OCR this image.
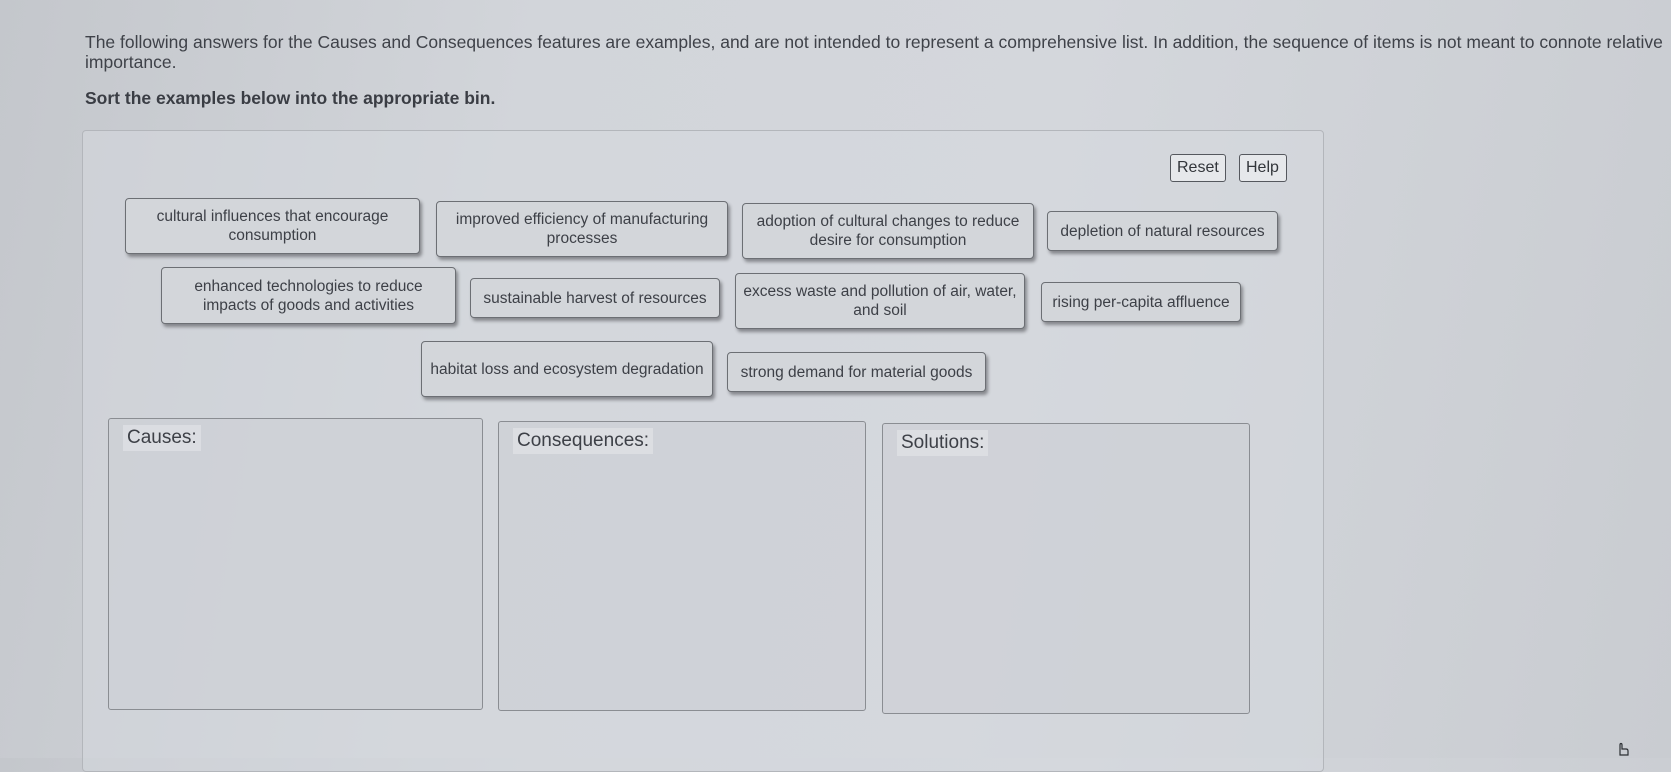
The following answers for the Causes and Consequences features are examples, and are not intended to represent a comprehensive list. In addition, the sequence of items is not meant to connote relative importance.
Sort the examples below into the appropriate bin.
Reset	Help
cultural influences that encourage consumption
improved efficiency of manufacturing processes
adoption of cultural changes to reduce desire for consumption
depletion of natural resources
enhanced technologies to reduce impacts of goods and activities	sustainable harvest of resources	excess waste and pollution of air, water, and soil	rising per-capita affluence
habitat loss and ecosystem degradation	strong demand for material goods
Causes:	Consequences:	Solutions:
